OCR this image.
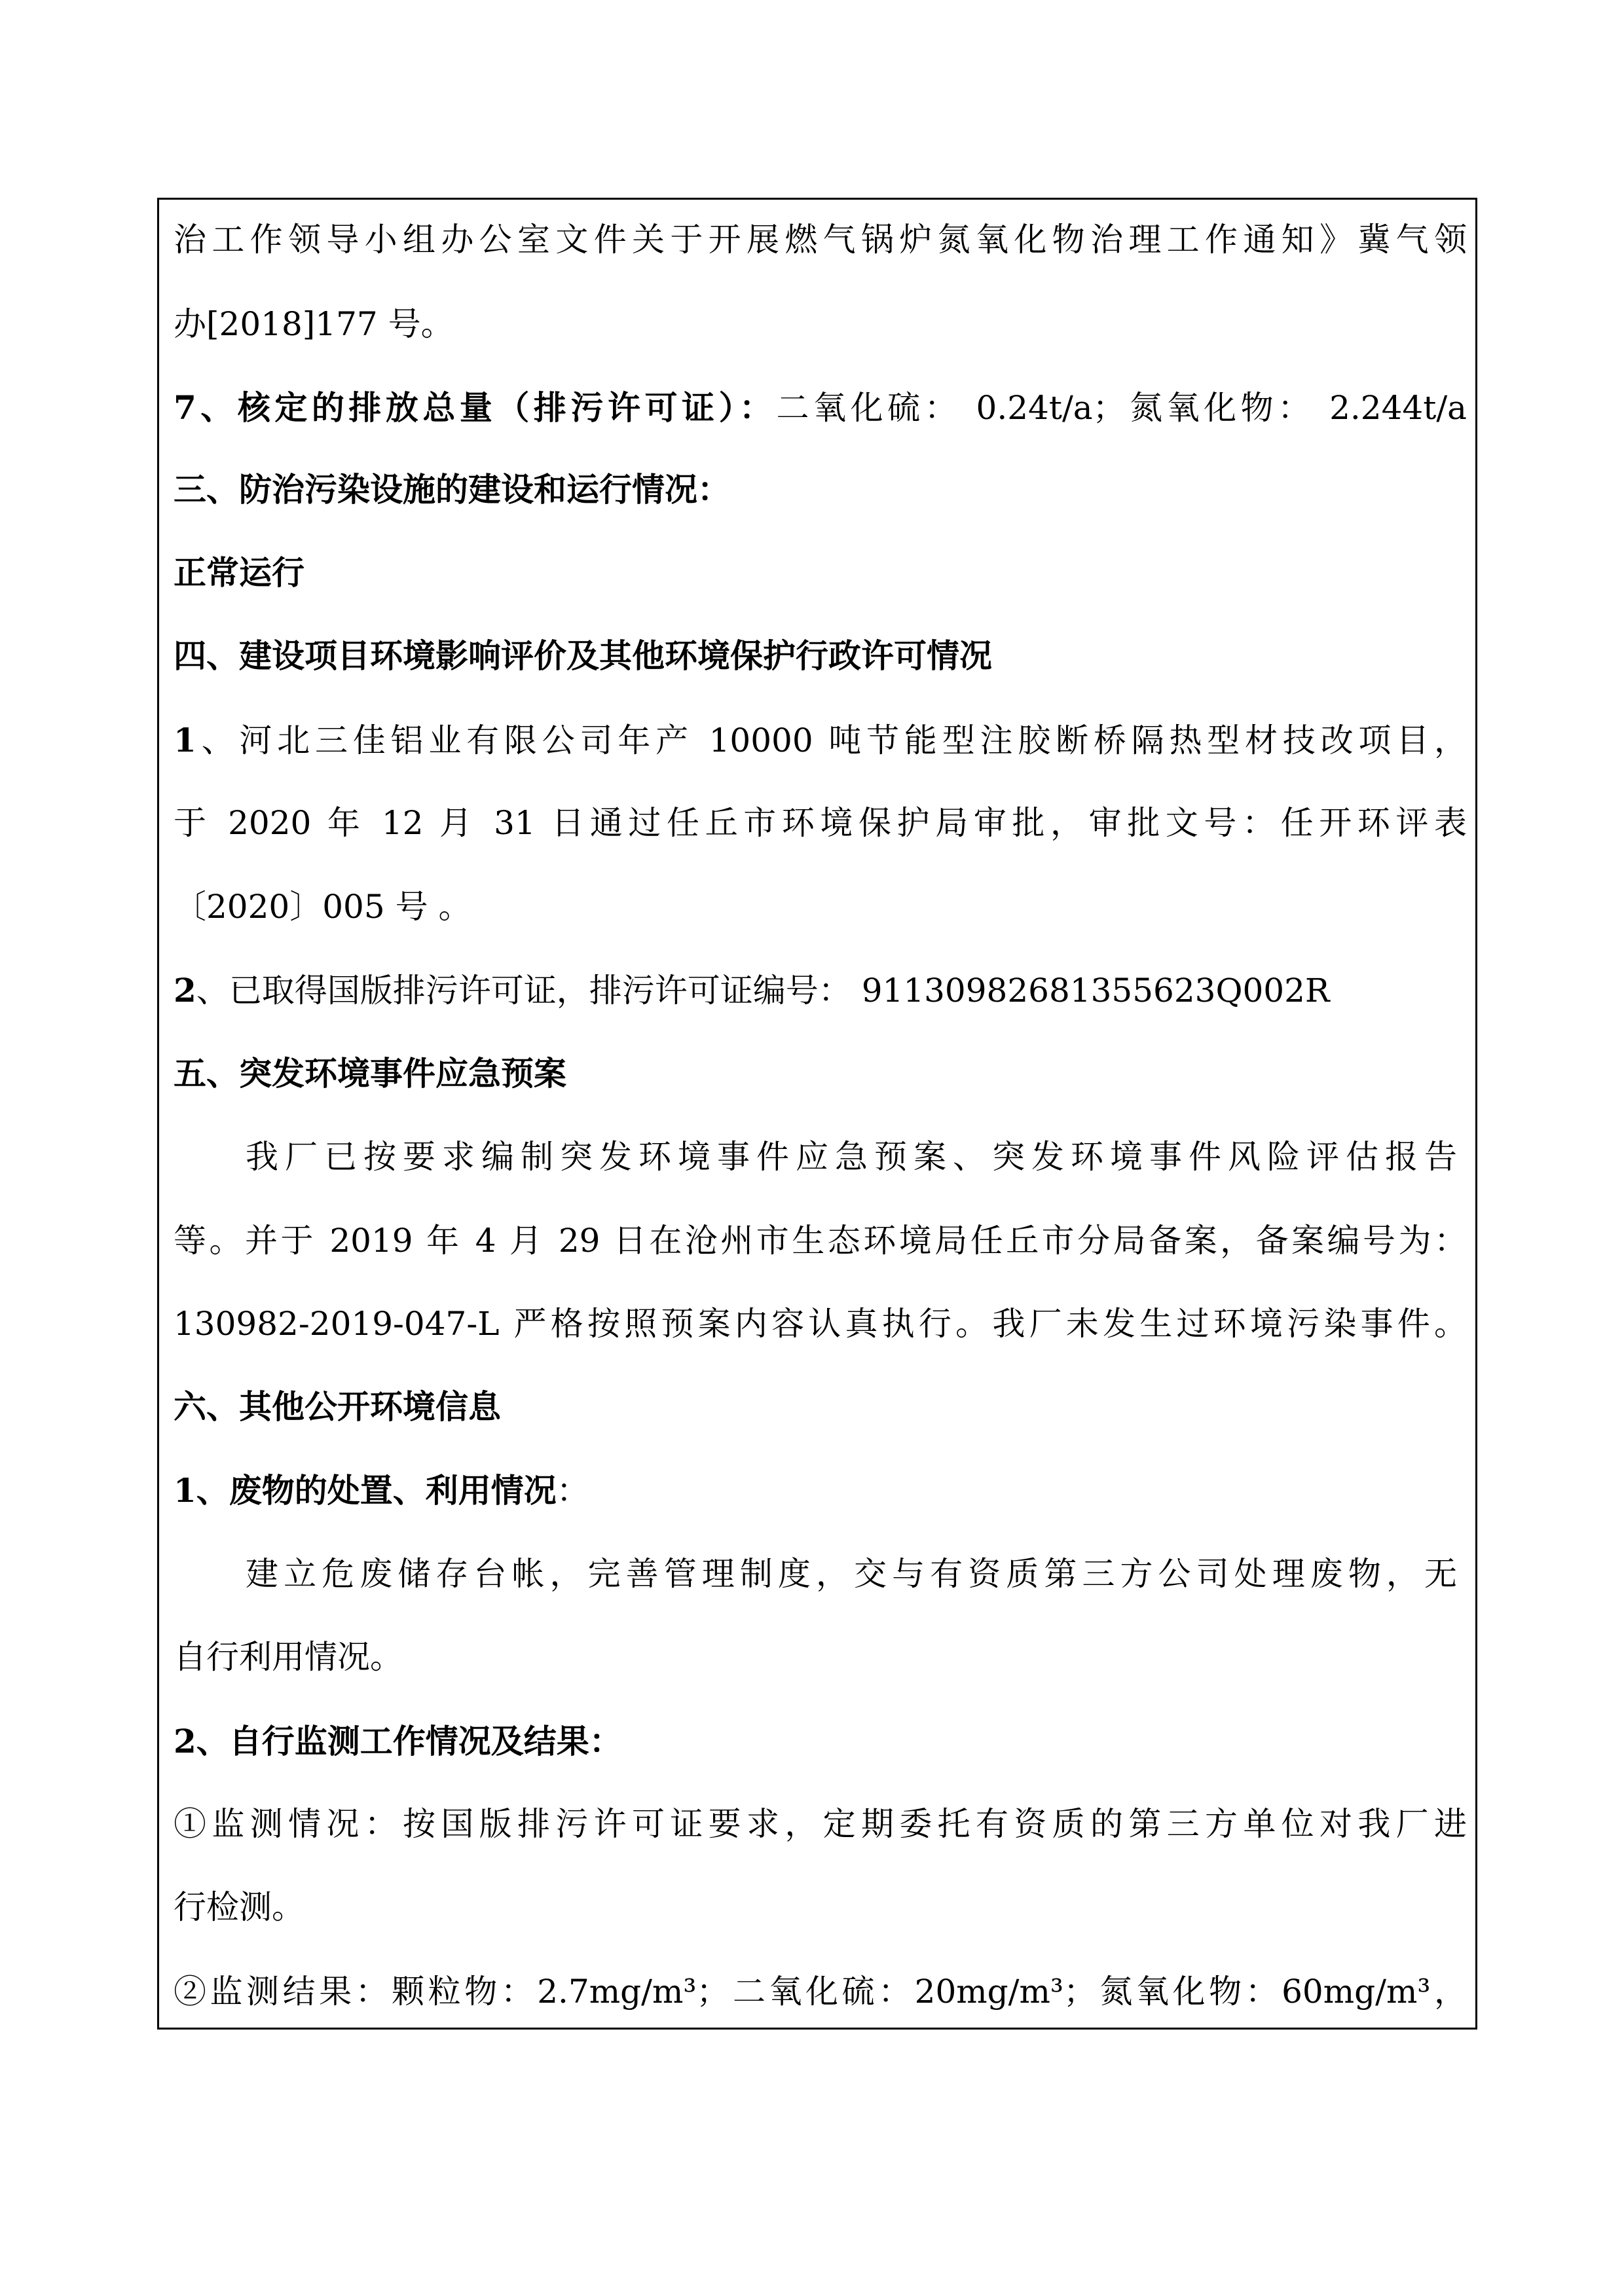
治工作领导小组办公室文件关于开展燃气锅炉氮氧化物治理工作通知》冀气领
办[2018]177 号。
7、核定的排放总量（排污许可证）：二氧化硫： 0.24t/a；氮氧化物： 2.244t/a
三、防治污染设施的建设和运行情况：
正常运行
四、建设项目环境影响评价及其他环境保护行政许可情况
1、河北三佳铝业有限公司年产 10000 吨节能型注胶断桥隔热型材技改项目，
于 2020 年 12 月 31 日通过任丘市环境保护局审批，审批文号：任开环评表
〔2020〕005 号 。
2、已取得国版排污许可证，排污许可证编号： 91130982681355623Q002R
五、突发环境事件应急预案
我厂已按要求编制突发环境事件应急预案、突发环境事件风险评估报告
等。并于 2019 年 4 月 29 日在沧州市生态环境局任丘市分局备案，备案编号为：
130982-2019-047-L 严格按照预案内容认真执行。我厂未发生过环境污染事件。
六、其他公开环境信息
1、废物的处置、利用情况：
建立危废储存台帐，完善管理制度，交与有资质第三方公司处理废物，无
自行利用情况。
2、自行监测工作情况及结果：
①监测情况：按国版排污许可证要求，定期委托有资质的第三方单位对我厂进
行检测。
②监测结果：颗粒物：2.7mg/m³；二氧化硫：20mg/m³；氮氧化物：60mg/m³，
